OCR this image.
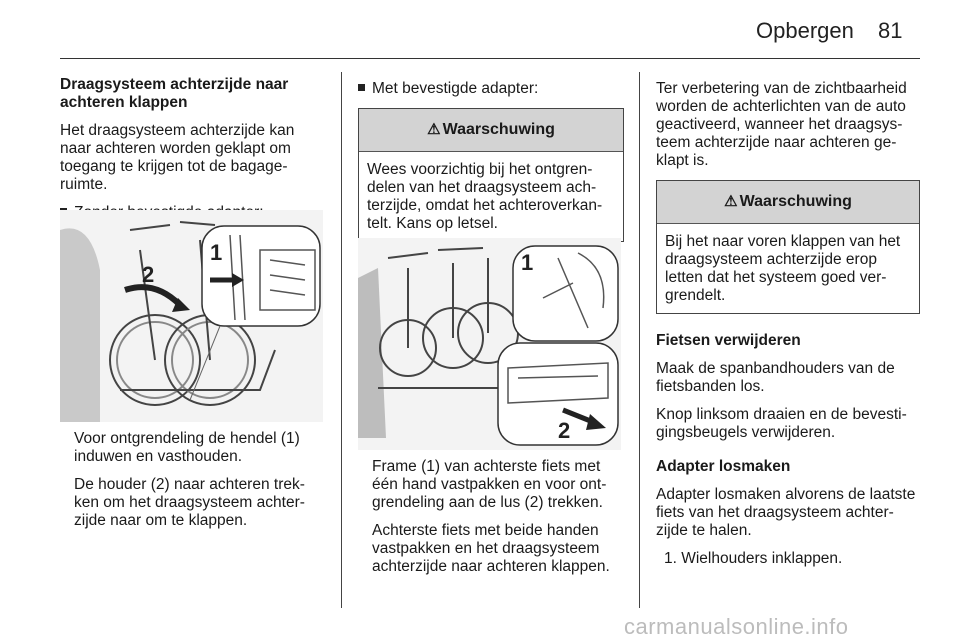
Opbergen 81

Draagsysteem achterzijde naar achteren klappen

Het draagsysteem achterzijde kan naar achteren worden geklapt om toegang te krijgen tot de bagage-ruimte.

2
1

Voor ontgrendeling de hendel (1) induwen en vasthouden.

De houder (2) naar achteren trek-ken om het draagsysteem achter-zijde naar om te klappen.

Met bevestigde adapter:

⚠ Waarschuwing
Wees voorzichtig bij het ontgren-delen van het draagsysteem ach-terzijde, omdat het achteroverkan-telt. Kans op letsel.
1
2

Frame (1) van achterste fiets met één hand vastpakken en voor ont-grendeling aan de lus (2) trekken.

Achterste fiets met beide handen vastpakken en het draagsysteem achterzijde naar achteren klappen.

Ter verbetering van de zichtbaarheid worden de achterlichten van de auto geactiveerd, wanneer het draagsys-teem achterzijde naar achteren ge-klapt is.

⚠ Waarschuwing
Bij het naar voren klappen van het draagsysteem achterzijde erop letten dat het systeem goed ver-grendelt.

Fietsen verwijderen

Maak de spanbandhouders van de fietsbanden los.

Knop linksom draaien en de bevesti-gingsbeugels verwijderen.

Adapter losmaken

Adapter losmaken alvorens de laatste fiets van het draagsysteem achter-zijde te halen.

1. Wielhouders inklappen.

carmanualsonline.info
